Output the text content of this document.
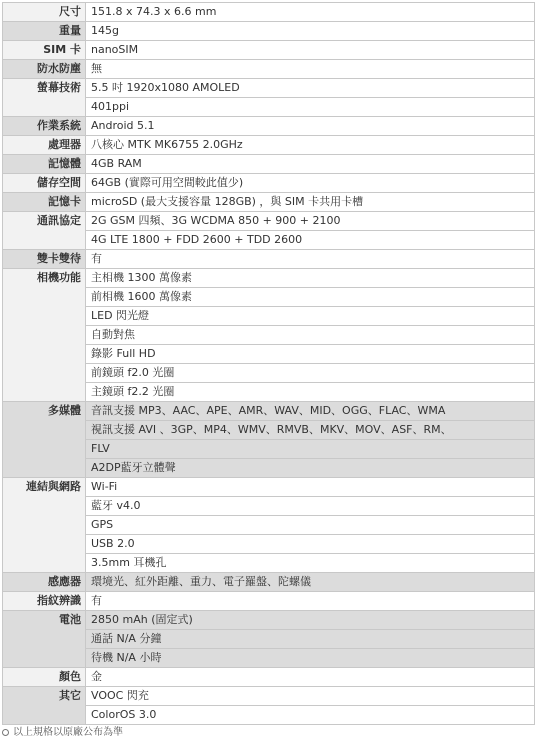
尺寸	151.8 x 74.3 x 6.6 mm
重量	145g
SIM 卡	nanoSIM
防水防塵	無
螢幕技術	5.5 吋 1920x1080 AMOLED
	401ppi
作業系統	Android 5.1
處理器	八核心 MTK MK6755 2.0GHz
記憶體	4GB RAM
儲存空間	64GB (實際可用空間較此值少)
記憶卡	microSD (最大支援容量 128GB) ，與 SIM 卡共用卡槽
通訊協定	2G GSM 四頻、3G WCDMA 850 + 900 + 2100
	4G LTE 1800 + FDD 2600 + TDD 2600
雙卡雙待	有
相機功能	主相機 1300 萬像素
	前相機 1600 萬像素
	LED 閃光燈
	自動對焦
	錄影 Full HD
	前鏡頭 f2.0 光圈
	主鏡頭 f2.2 光圈
多媒體	音訊支援 MP3、AAC、APE、AMR、WAV、MID、OGG、FLAC、WMA
	視訊支援 AVI 、3GP、MP4、WMV、RMVB、MKV、MOV、ASF、RM、
	FLV
	A2DP藍牙立體聲
連結與網路	Wi-Fi
	藍牙 v4.0
	GPS
	USB 2.0
	3.5mm 耳機孔
感應器	環境光、紅外距離、重力、電子羅盤、陀螺儀
指紋辨識	有
電池	2850 mAh (固定式)
	通話 N/A 分鐘
	待機 N/A 小時
顏色	金
其它	VOOC 閃充
	ColorOS 3.0
以上規格以原廠公布為準
